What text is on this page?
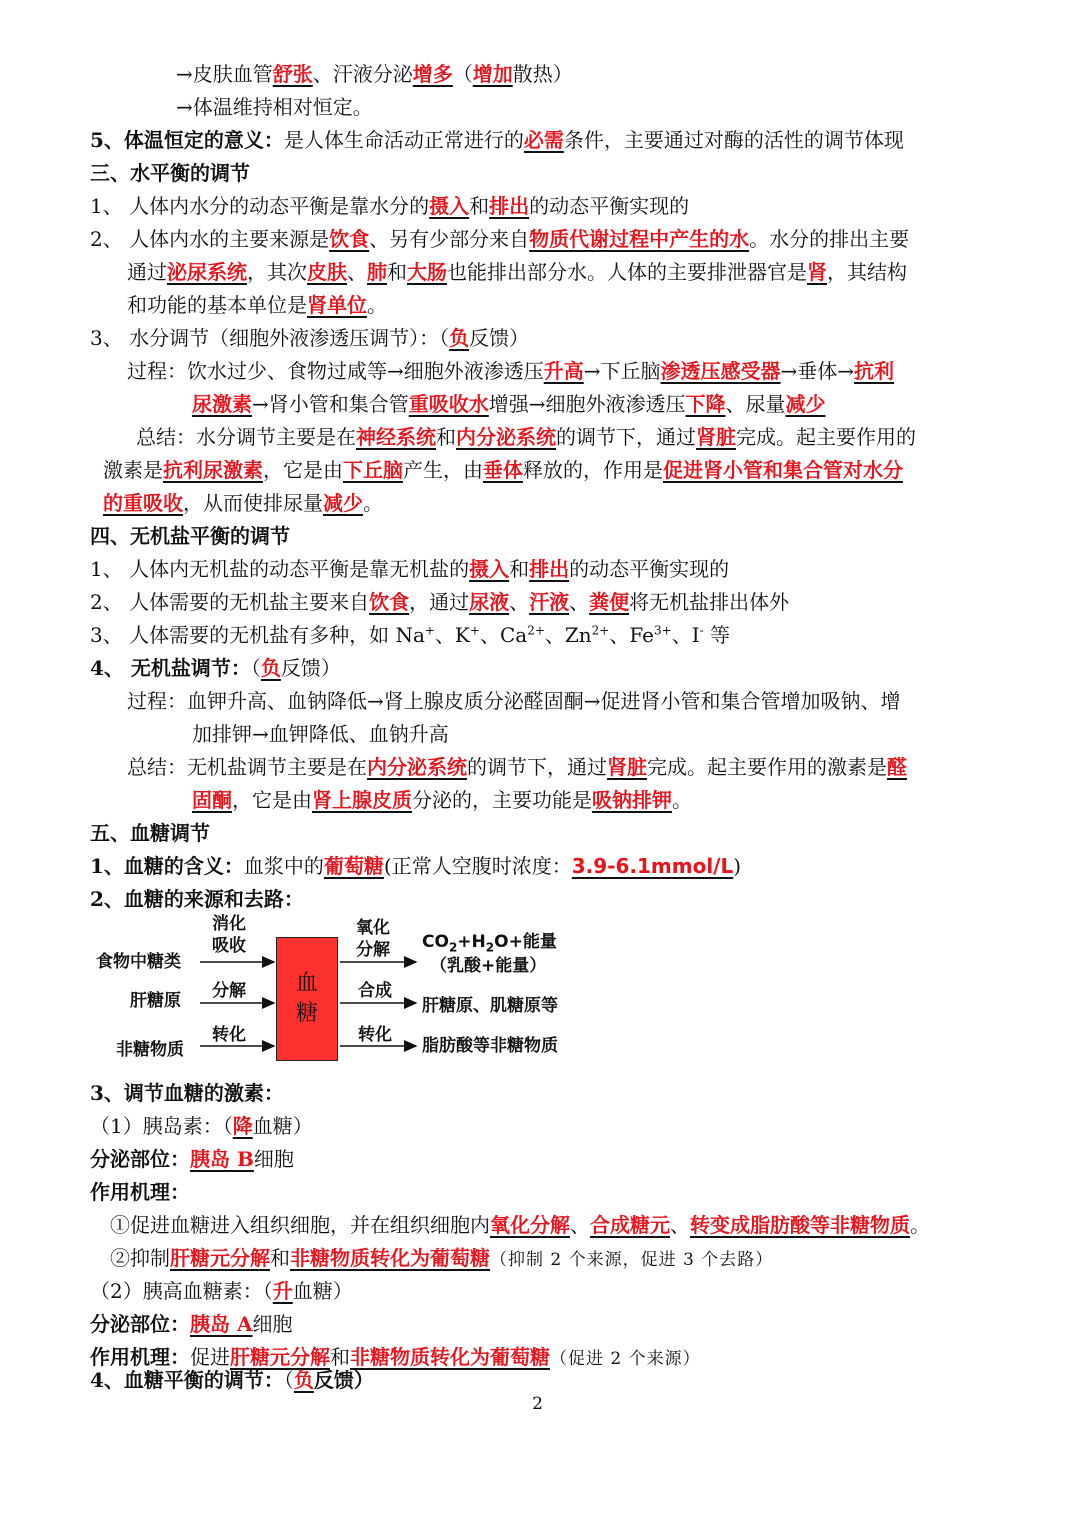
→皮肤血管舒张、汗液分泌增多（增加散热）
→体温维持相对恒定。
5、体温恒定的意义：是人体生命活动正常进行的必需条件，主要通过对酶的活性的调节体现
三、水平衡的调节
1、 人体内水分的动态平衡是靠水分的摄入和排出的动态平衡实现的
2、 人体内水的主要来源是饮食、另有少部分来自物质代谢过程中产生的水。水分的排出主要
通过泌尿系统，其次皮肤、肺和大肠也能排出部分水。人体的主要排泄器官是肾，其结构
和功能的基本单位是肾单位。
3、 水分调节（细胞外液渗透压调节）：（负反馈）
过程：饮水过少、食物过咸等→细胞外液渗透压升高→下丘脑渗透压感受器→垂体→抗利
尿激素→肾小管和集合管重吸收水增强→细胞外液渗透压下降、尿量减少
总结：水分调节主要是在神经系统和内分泌系统的调节下，通过肾脏完成。起主要作用的
激素是抗利尿激素，它是由下丘脑产生，由垂体释放的，作用是促进肾小管和集合管对水分
的重吸收，从而使排尿量减少。
四、无机盐平衡的调节
1、 人体内无机盐的动态平衡是靠无机盐的摄入和排出的动态平衡实现的
2、 人体需要的无机盐主要来自饮食，通过尿液、汗液、粪便将无机盐排出体外
3、 人体需要的无机盐有多种，如 Na+、K+、$Ca^{2+}$、$Zn^{2+}$、$Fe^{3+}$、I- 等
4、 无机盐调节：（负反馈）
过程：血钾升高、血钠降低→肾上腺皮质分泌醛固酮→促进肾小管和集合管增加吸钠、增
加排钾→血钾降低、血钠升高
总结：无机盐调节主要是在内分泌系统的调节下，通过肾脏完成。起主要作用的激素是醛
固酮，它是由肾上腺皮质分泌的，主要功能是吸钠排钾。
五、血糖调节
1、血糖的含义：血浆中的葡萄糖(正常人空腹时浓度：3.9-6.1mmol/L)
2、血糖的来源和去路：
3、调节血糖的激素：
（1）胰岛素：（降血糖）
分泌部位：胰岛 B细胞
作用机理：
①促进血糖进入组织细胞，并在组织细胞内氧化分解、合成糖元、转变成脂肪酸等非糖物质。
②抑制肝糖元分解和非糖物质转化为葡萄糖（抑制 2 个来源，促进 3 个去路）
（2）胰高血糖素：（升血糖）
分泌部位：胰岛 A细胞
作用机理：促进肝糖元分解和非糖物质转化为葡萄糖（促进 2 个来源）
4、血糖平衡的调节：（负反馈）
血
糖
食物中糖类
肝糖原
非糖物质
消化
吸收
分解
转化
氧化
分解
合成
转化
$CO_2+H_2O+$能量
（乳酸+能量）
肝糖原、肌糖原等
脂肪酸等非糖物质
2
